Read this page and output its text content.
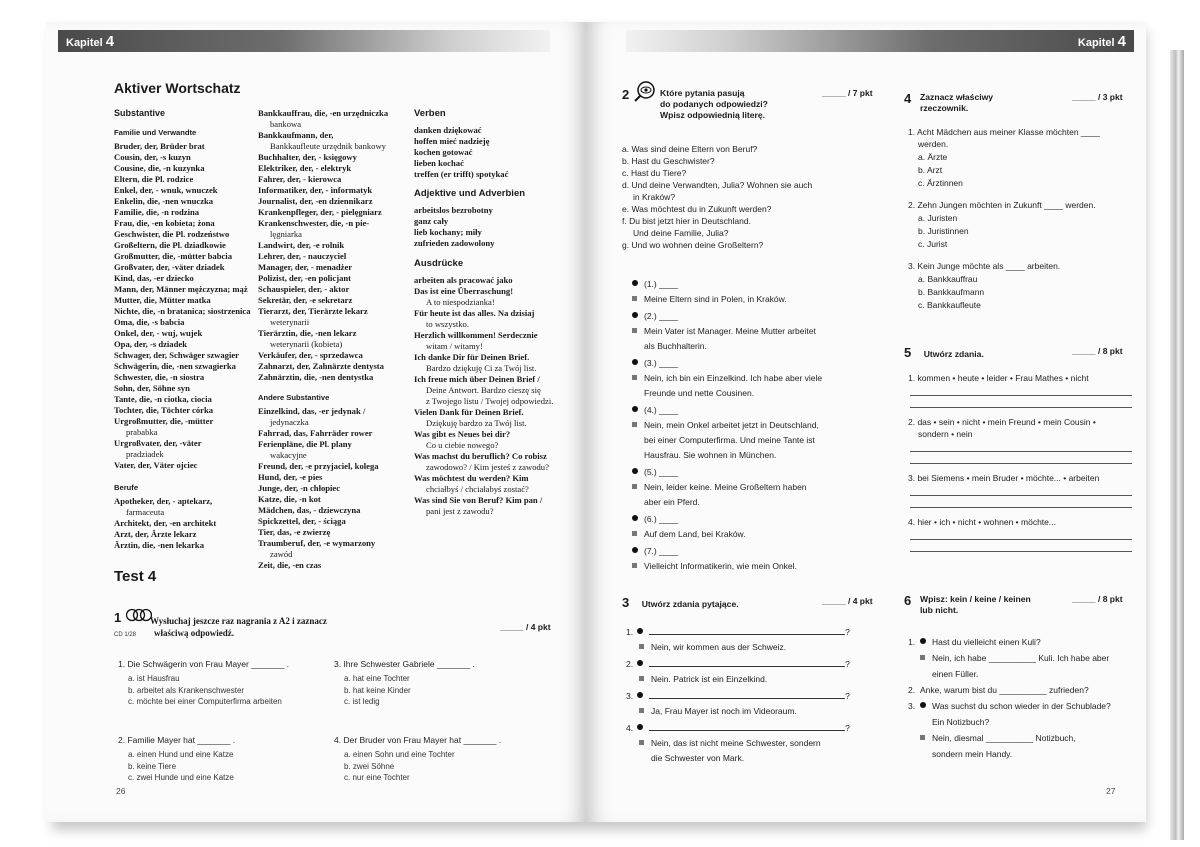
Kapitel 4
Aktiver Wortschatz
Substantive
Familie und Verwandte
Bruder, der, Brüder brat
Cousin, der, -s kuzyn
Cousine, die, -n kuzynka
Eltern, die Pl. rodzice
Enkel, der, - wnuk, wnuczek
Enkelin, die, -nen wnuczka
Familie, die, -n rodzina
Frau, die, -en kobieta; żona
Geschwister, die Pl. rodzeństwo
Großeltern, die Pl. dziadkowie
Großmutter, die, -mütter babcia
Großvater, der, -väter dziadek
Kind, das, -er dziecko
Mann, der, Männer mężczyzna; mąż
Mutter, die, Mütter matka
Nichte, die, -n bratanica; siostrzenica
Oma, die, -s babcia
Onkel, der, - wuj, wujek
Opa, der, -s dziadek
Schwager, der, Schwäger szwagier
Schwägerin, die, -nen szwagierka
Schwester, die, -n siostra
Sohn, der, Söhne syn
Tante, die, -n ciotka, ciocia
Tochter, die, Töchter córka
Urgroßmutter, die, -mütter
prababka
Urgroßvater, der, -väter
pradziadek
Vater, der, Väter ojciec
Berufe
Apotheker, der, - aptekarz,
farmaceuta
Architekt, der, -en architekt
Arzt, der, Ärzte lekarz
Ärztin, die, -nen lekarka
Bankkauffrau, die, -en urzędniczka
bankowa
Bankkaufmann, der,
Bankkaufleute urzędnik bankowy
Buchhalter, der, - księgowy
Elektriker, der, - elektryk
Fahrer, der, - kierowca
Informatiker, der, - informatyk
Journalist, der, -en dziennikarz
Krankenpfleger, der, - pielęgniarz
Krankenschwester, die, -n pie-
lęgniarka
Landwirt, der, -e rolnik
Lehrer, der, - nauczyciel
Manager, der, - menadżer
Polizist, der, -en policjant
Schauspieler, der, - aktor
Sekretär, der, -e sekretarz
Tierarzt, der, Tierärzte lekarz
weterynarii
Tierärztin, die, -nen lekarz
weterynarii (kobieta)
Verkäufer, der, - sprzedawca
Zahnarzt, der, Zahnärzte dentysta
Zahnärztin, die, -nen dentystka
Andere Substantive
Einzelkind, das, -er jedynak /
jedynaczka
Fahrrad, das, Fahrräder rower
Ferienpläne, die Pl. plany
wakacyjne
Freund, der, -e przyjaciel, kolega
Hund, der, -e pies
Junge, der, -n chłopiec
Katze, die, -n kot
Mädchen, das, - dziewczyna
Spickzettel, der, - ściąga
Tier, das, -e zwierzę
Traumberuf, der, -e wymarzony
zawód
Zeit, die, -en czas
Verben
danken dziękować
hoffen mieć nadzieję
kochen gotować
lieben kochać
treffen (er trifft) spotykać
Adjektive und Adverbien
arbeitslos bezrobotny
ganz cały
lieb kochany; miły
zufrieden zadowolony
Ausdrücke
arbeiten als pracować jako
Das ist eine Überraschung!
A to niespodzianka!
Für heute ist das alles. Na dzisiaj
to wszystko.
Herzlich willkommen! Serdecznie
witam / witamy!
Ich danke Dir für Deinen Brief.
Bardzo dziękuję Ci za Twój list.
Ich freue mich über Deinen Brief /
Deine Antwort. Bardzo cieszę się
z Twojego listu / Twojej odpowiedzi.
Vielen Dank für Deinen Brief.
Dziękuję bardzo za Twój list.
Was gibt es Neues bei dir?
Co u ciebie nowego?
Was machst du beruflich? Co robisz
zawodowo? / Kim jesteś z zawodu?
Was möchtest du werden? Kim
chciałbyś / chciałabyś zostać?
Was sind Sie von Beruf? Kim pan /
pani jest z zawodu?
Test 4
1	Wysłuchaj jeszcze raz nagrania z A2 i zaznacz
właściwą odpowiedź.
CD 1/28
_____ / 4 pkt
1. Die Schwägerin von Frau Mayer _______ .
a. ist Hausfrau
b. arbeitet als Krankenschwester
c. möchte bei einer Computerfirma arbeiten
2. Familie Mayer hat _______ .
a. einen Hund und eine Katze
b. keine Tiere
c. zwei Hunde und eine Katze
3. Ihre Schwester Gabriele _______ .
a. hat eine Tochter
b. hat keine Kinder
c. ist ledig
4. Der Bruder von Frau Mayer hat _______ .
a. einen Sohn und eine Tochter
b. zwei Söhne
c. nur eine Tochter
26
Kapitel 4
2	Które pytania pasują
do podanych odpowiedzi?
Wpisz odpowiednią literę.
_____ / 7 pkt
a. Was sind deine Eltern von Beruf?
b. Hast du Geschwister?
c. Hast du Tiere?
d. Und deine Verwandten, Julia? Wohnen sie auch
in Kraków?
e. Was möchtest du in Zukunft werden?
f. Du bist jetzt hier in Deutschland.
Und deine Familie, Julia?
g. Und wo wohnen deine Großeltern?
(1.) ____
Meine Eltern sind in Polen, in Kraków.
(2.) ____
Mein Vater ist Manager. Meine Mutter arbeitet
als Buchhalterin.
(3.) ____
Nein, ich bin ein Einzelkind. Ich habe aber viele
Freunde und nette Cousinen.
(4.) ____
Nein, mein Onkel arbeitet jetzt in Deutschland,
bei einer Computerfirma. Und meine Tante ist
Hausfrau. Sie wohnen in München.
(5.) ____
Nein, leider keine. Meine Großeltern haben
aber ein Pferd.
(6.) ____
Auf dem Land, bei Kraków.
(7.) ____
Vielleicht Informatikerin, wie mein Onkel.
3 Utwórz zdania pytające.	_____ / 4 pkt
1.	?
Nein, wir kommen aus der Schweiz.
2.	?
Nein. Patrick ist ein Einzelkind.
3.	?
Ja, Frau Mayer ist noch im Videoraum.
4.	?
Nein, das ist nicht meine Schwester, sondern
die Schwester von Mark.
4 Zaznacz właściwy
rzeczownik.
_____ / 3 pkt
1. Acht Mädchen aus meiner Klasse möchten ____
werden.
a. Ärzte
b. Arzt
c. Ärztinnen
2. Zehn Jungen möchten in Zukunft ____ werden.
a. Juristen
b. Juristinnen
c. Jurist
3. Kein Junge möchte als ____ arbeiten.
a. Bankkauffrau
b. Bankkaufmann
c. Bankkaufleute
5 Utwórz zdania.	_____ / 8 pkt
1. kommen • heute • leider • Frau Mathes • nicht
2. das • sein • nicht • mein Freund • mein Cousin •
sondern • nein
3. bei Siemens • mein Bruder • möchte... • arbeiten
4. hier • ich • nicht • wohnen • möchte...
6 Wpisz: kein / keine / keinen
lub nicht.
_____ / 8 pkt
1. Hast du vielleicht einen Kuli?
Nein, ich habe __________ Kuli. Ich habe aber
einen Füller.
2. Anke, warum bist du __________ zufrieden?
3. Was suchst du schon wieder in der Schublade?
Ein Notizbuch?
Nein, diesmal __________ Notizbuch,
sondern mein Handy.
27
